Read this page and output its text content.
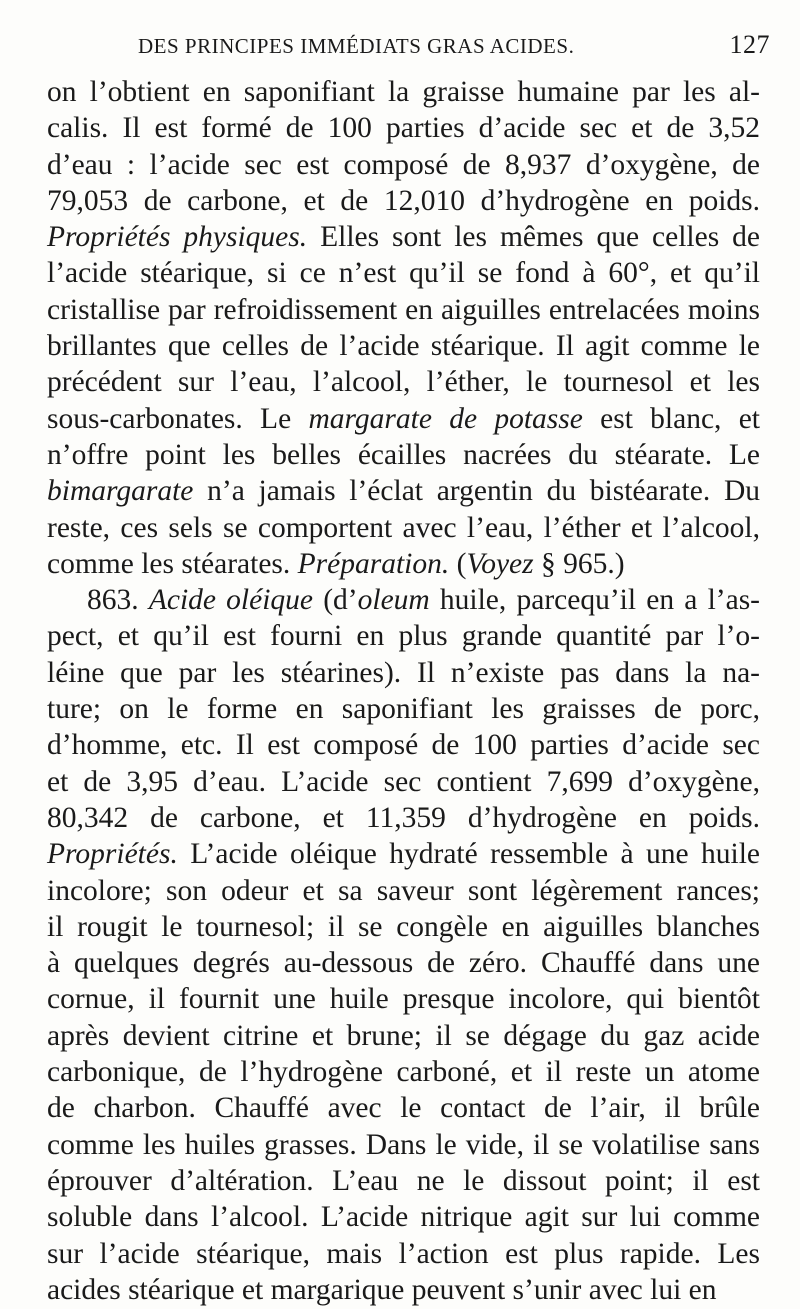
DES PRINCIPES IMMÉDIATS GRAS ACIDES.	127
on l’obtient en saponifiant la graisse humaine par les al-
calis. Il est formé de 100 parties d’acide sec et de 3,52
d’eau : l’acide sec est composé de 8,937 d’oxygène, de
79,053 de carbone, et de 12,010 d’hydrogène en poids.
Propriétés physiques. Elles sont les mêmes que celles de
l’acide stéarique, si ce n’est qu’il se fond à 60°, et qu’il
cristallise par refroidissement en aiguilles entrelacées moins
brillantes que celles de l’acide stéarique. Il agit comme le
précédent sur l’eau, l’alcool, l’éther, le tournesol et les
sous-carbonates. Le margarate de potasse est blanc, et
n’offre point les belles écailles nacrées du stéarate. Le
bimargarate n’a jamais l’éclat argentin du bistéarate. Du
reste, ces sels se comportent avec l’eau, l’éther et l’alcool,
comme les stéarates. Préparation. (Voyez § 965.)
863. Acide oléique (d’oleum huile, parcequ’il en a l’as-
pect, et qu’il est fourni en plus grande quantité par l’o-
léine que par les stéarines). Il n’existe pas dans la na-
ture; on le forme en saponifiant les graisses de porc,
d’homme, etc. Il est composé de 100 parties d’acide sec
et de 3,95 d’eau. L’acide sec contient 7,699 d’oxygène,
80,342 de carbone, et 11,359 d’hydrogène en poids.
Propriétés. L’acide oléique hydraté ressemble à une huile
incolore; son odeur et sa saveur sont légèrement rances;
il rougit le tournesol; il se congèle en aiguilles blanches
à quelques degrés au-dessous de zéro. Chauffé dans une
cornue, il fournit une huile presque incolore, qui bientôt
après devient citrine et brune; il se dégage du gaz acide
carbonique, de l’hydrogène carboné, et il reste un atome
de charbon. Chauffé avec le contact de l’air, il brûle
comme les huiles grasses. Dans le vide, il se volatilise sans
éprouver d’altération. L’eau ne le dissout point; il est
soluble dans l’alcool. L’acide nitrique agit sur lui comme
sur l’acide stéarique, mais l’action est plus rapide. Les
acides stéarique et margarique peuvent s’unir avec lui en
